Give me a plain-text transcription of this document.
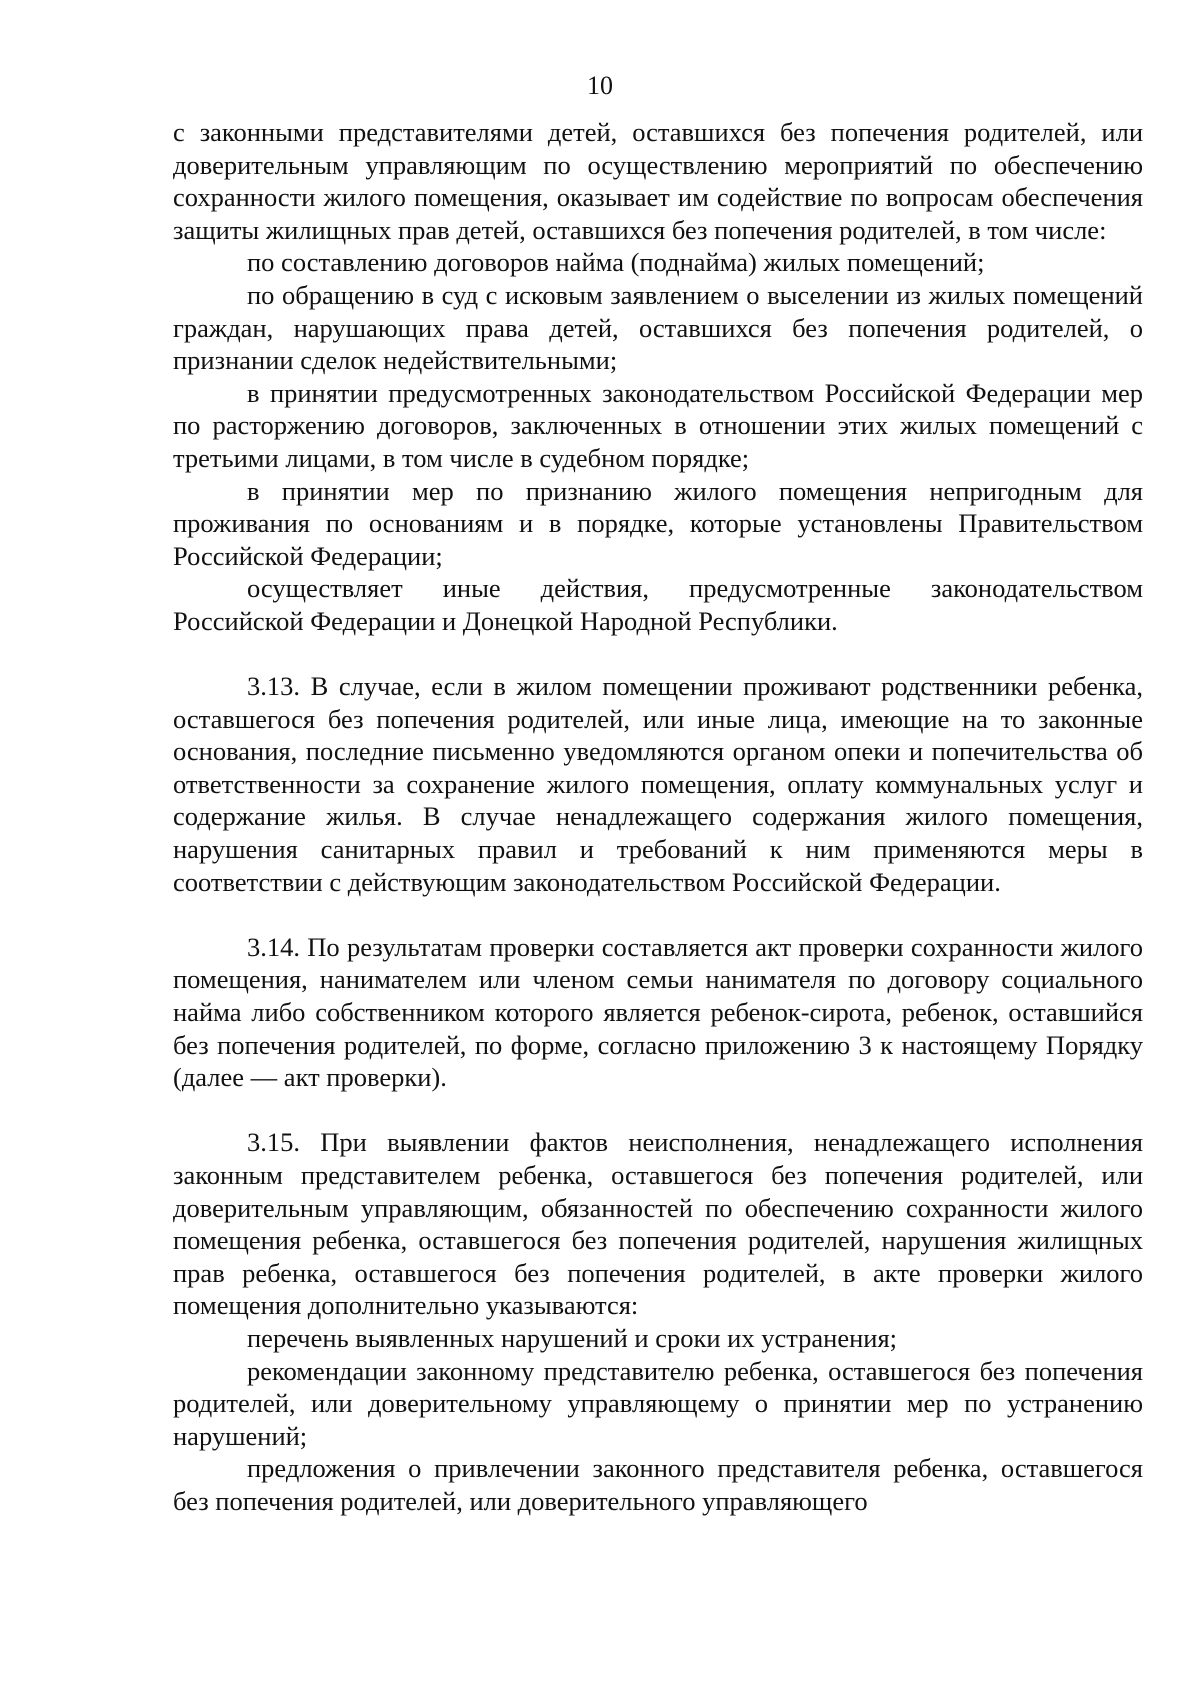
10

с законными представителями детей, оставшихся без попечения родителей, или доверительным управляющим по осуществлению мероприятий по обеспечению сохранности жилого помещения, оказывает им содействие по вопросам обеспечения защиты жилищных прав детей, оставшихся без попечения родителей, в том числе:

по составлению договоров найма (поднайма) жилых помещений;

по обращению в суд с исковым заявлением о выселении из жилых помещений граждан, нарушающих права детей, оставшихся без попечения родителей, о признании сделок недействительными;

в принятии предусмотренных законодательством Российской Федерации мер по расторжению договоров, заключенных в отношении этих жилых помещений с третьими лицами, в том числе в судебном порядке;

в принятии мер по признанию жилого помещения непригодным для проживания по основаниям и в порядке, которые установлены Правительством Российской Федерации;

осуществляет иные действия, предусмотренные законодательством Российской Федерации и Донецкой Народной Республики.

3.13. В случае, если в жилом помещении проживают родственники ребенка, оставшегося без попечения родителей, или иные лица, имеющие на то законные основания, последние письменно уведомляются органом опеки и попечительства об ответственности за сохранение жилого помещения, оплату коммунальных услуг и содержание жилья. В случае ненадлежащего содержания жилого помещения, нарушения санитарных правил и требований к ним применяются меры в соответствии с действующим законодательством Российской Федерации.

3.14. По результатам проверки составляется акт проверки сохранности жилого помещения, нанимателем или членом семьи нанимателя по договору социального найма либо собственником которого является ребенок-сирота, ребенок, оставшийся без попечения родителей, по форме, согласно приложению 3 к настоящему Порядку (далее — акт проверки).

3.15. При выявлении фактов неисполнения, ненадлежащего исполнения законным представителем ребенка, оставшегося без попечения родителей, или доверительным управляющим, обязанностей по обеспечению сохранности жилого помещения ребенка, оставшегося без попечения родителей, нарушения жилищных прав ребенка, оставшегося без попечения родителей, в акте проверки жилого помещения дополнительно указываются:

перечень выявленных нарушений и сроки их устранения;

рекомендации законному представителю ребенка, оставшегося без попечения родителей, или доверительному управляющему о принятии мер по устранению нарушений;

предложения о привлечении законного представителя ребенка, оставшегося без попечения родителей, или доверительного управляющего
